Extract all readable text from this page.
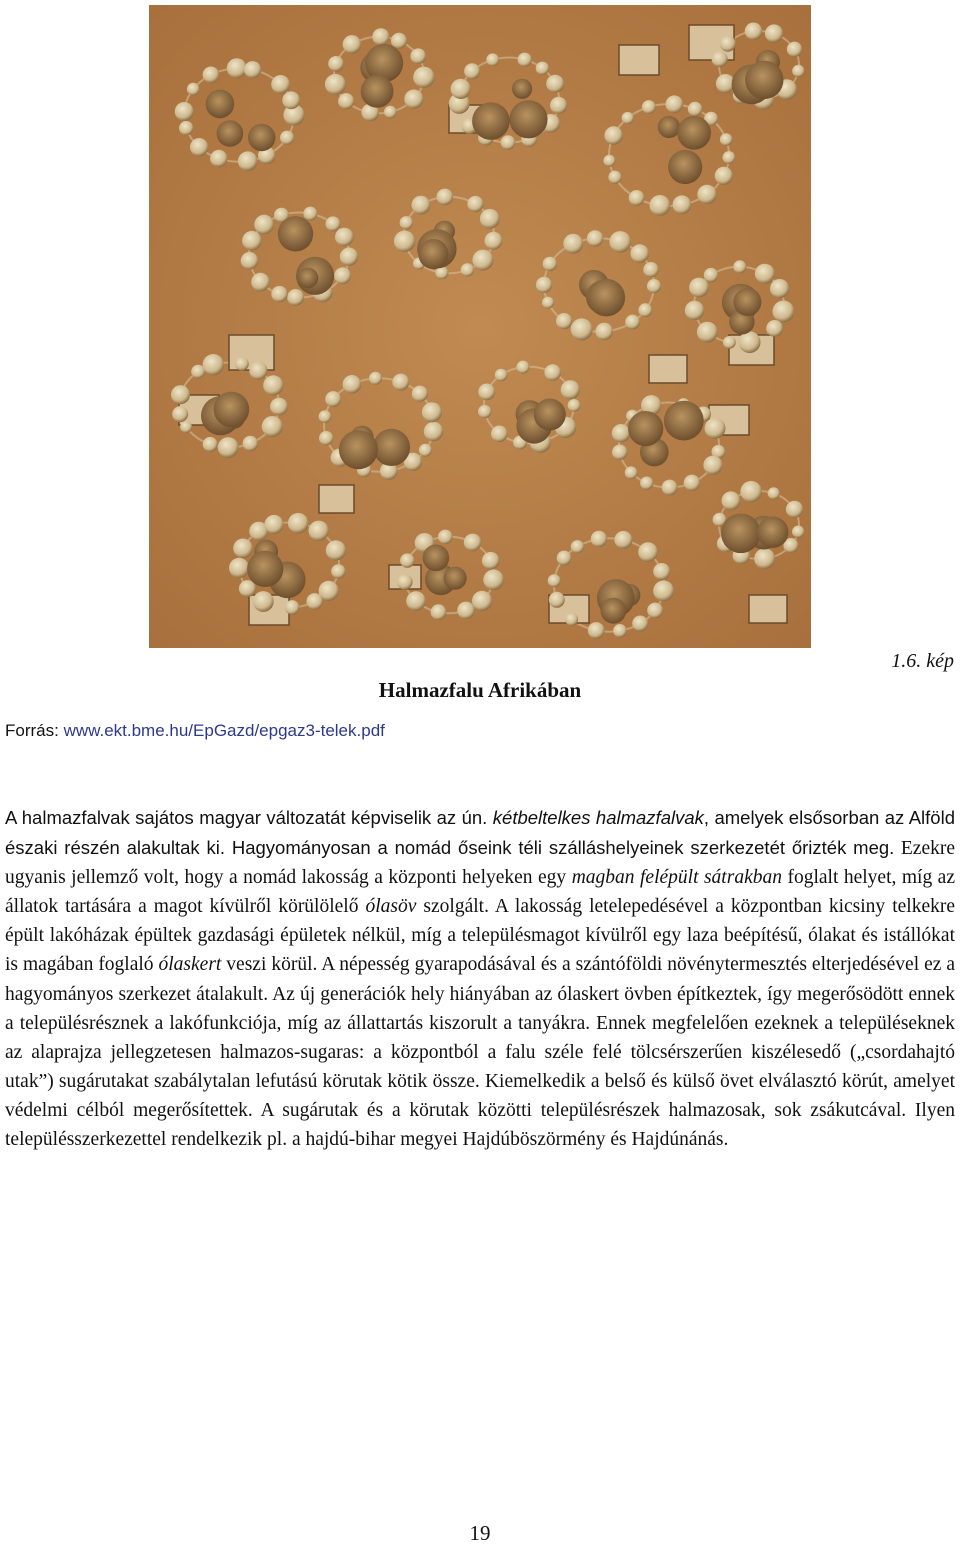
1.6. kép
Halmazfalu Afrikában
Forrás: www.ekt.bme.hu/EpGazd/epgaz3-telek.pdf

A halmazfalvak sajátos magyar változatát képviselik az ún. kétbeltelkes halmazfalvak, amelyek elsősorban az Alföld északi részén alakultak ki. Hagyományosan a nomád őseink téli szálláshelyeinek szerkezetét őrizték meg. Ezekre ugyanis jellemző volt, hogy a nomád lakosság a központi helyeken egy magban felépült sátrakban foglalt helyet, míg az állatok tartására a magot kívülről körülölelő ólasöv szolgált. A lakosság letelepedésével a központban kicsiny telkekre épült lakóházak épültek gazdasági épületek nélkül, míg a településmagot kívülről egy laza beépítésű, ólakat és istállókat is magában foglaló ólaskert veszi körül. A népesség gyarapodásával és a szántóföldi növénytermesztés elterjedésével ez a hagyományos szerkezet átalakult. Az új generációk hely hiányában az ólaskert övben építkeztek, így megerősödött ennek a településrésznek a lakófunkciója, míg az állattartás kiszorult a tanyákra. Ennek megfelelően ezeknek a településeknek az alaprajza jellegzetesen halmazos-sugaras: a központból a falu széle felé tölcsérszerűen kiszélesedő („csordahajtó utak”) sugárutakat szabálytalan lefutású körutak kötik össze. Kiemelkedik a belső és külső övet elválasztó körút, amelyet védelmi célból megerősítettek. A sugárutak és a körutak közötti településrészek halmazosak, sok zsákutcával. Ilyen településszerkezettel rendelkezik pl. a hajdú-bihar megyei Hajdúböszörmény és Hajdúnánás.

19
